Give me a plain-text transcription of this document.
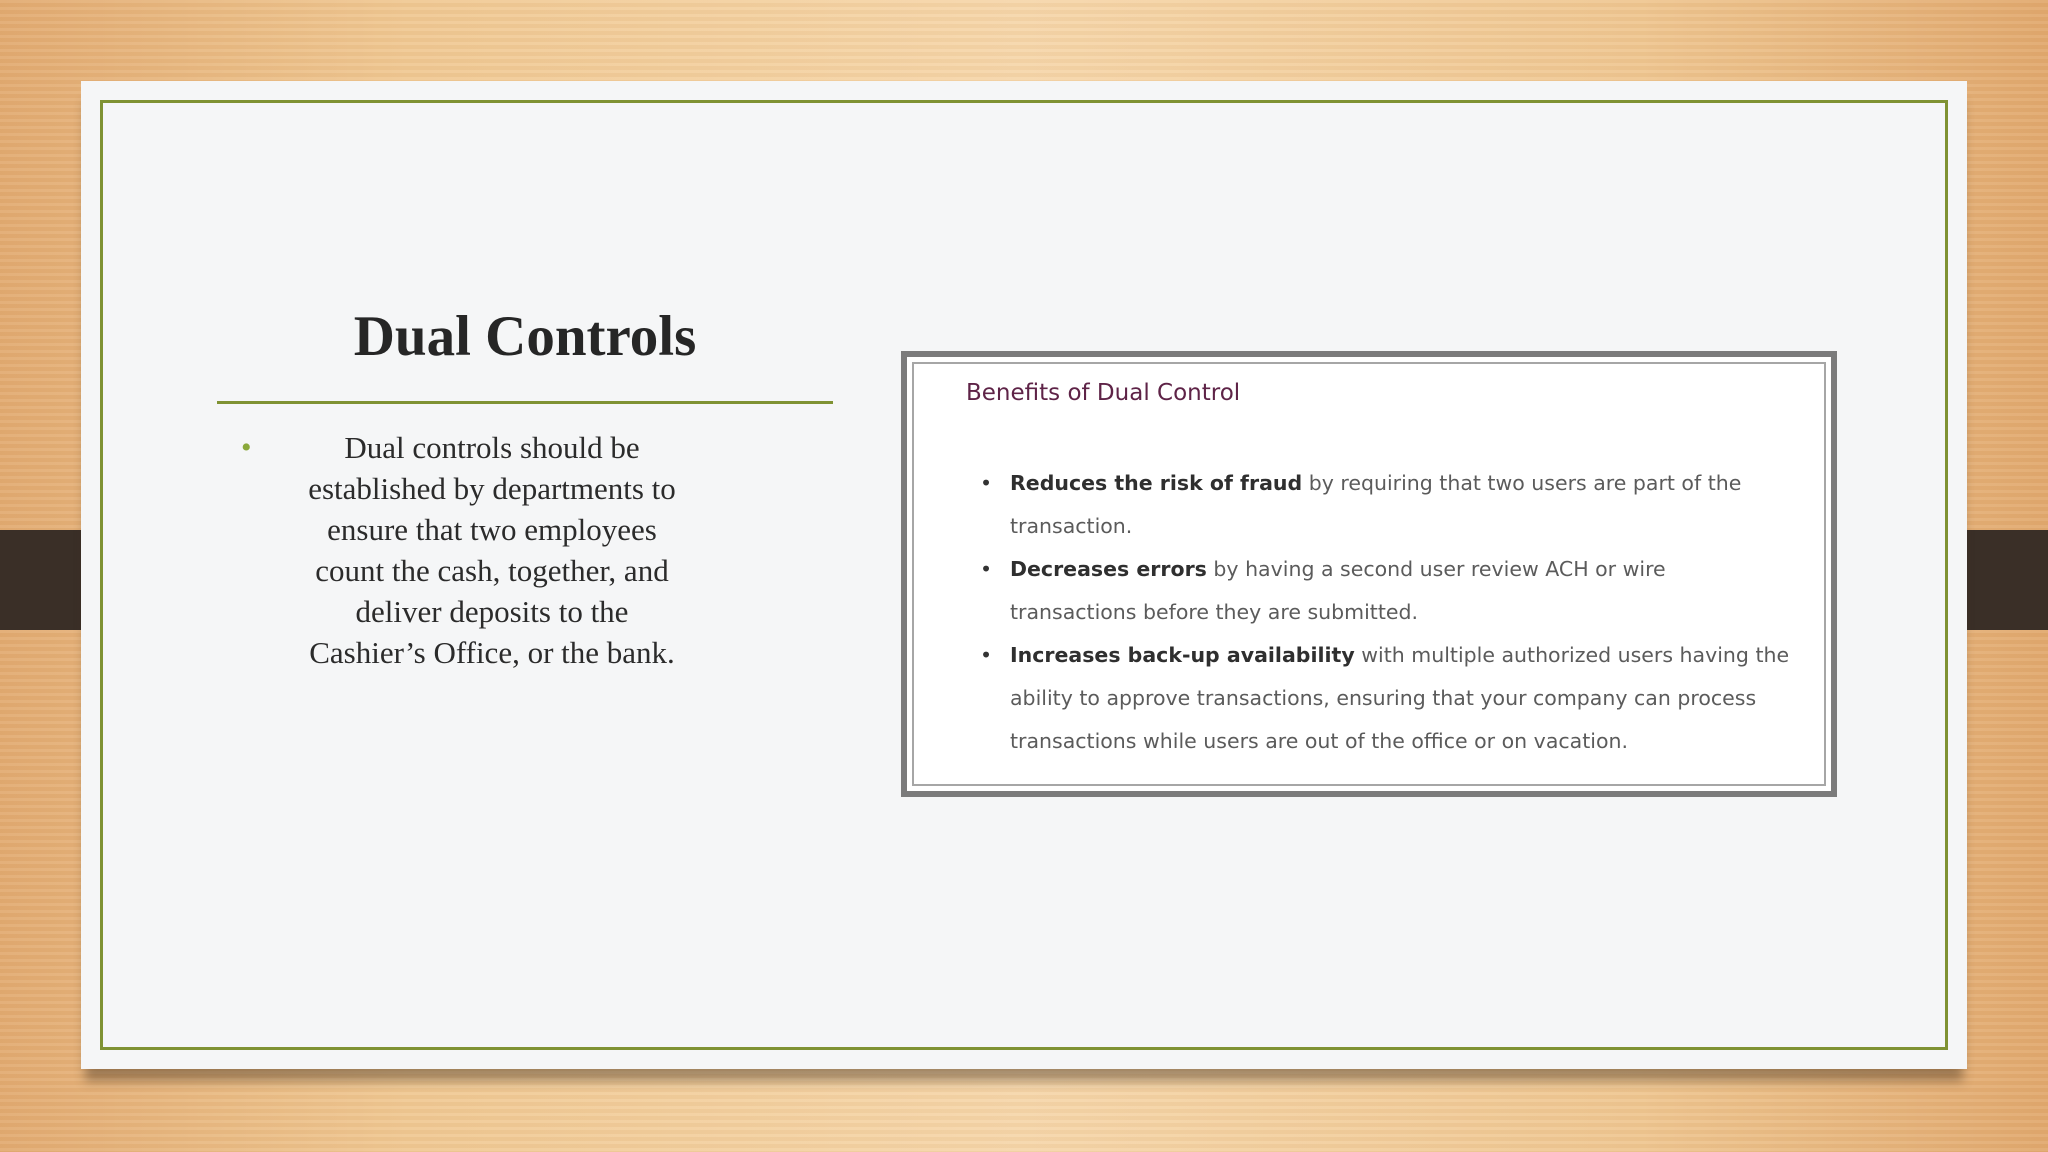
Dual Controls
•	Dual controls should be established by departments to ensure that two employees count the cash, together, and deliver deposits to the Cashier’s Office, or the bank.
Benefits of Dual Control
• Reduces the risk of fraud by requiring that two users are part of the transaction.
• Decreases errors by having a second user review ACH or wire transactions before they are submitted.
• Increases back-up availability with multiple authorized users having the ability to approve transactions, ensuring that your company can process transactions while users are out of the office or on vacation.
